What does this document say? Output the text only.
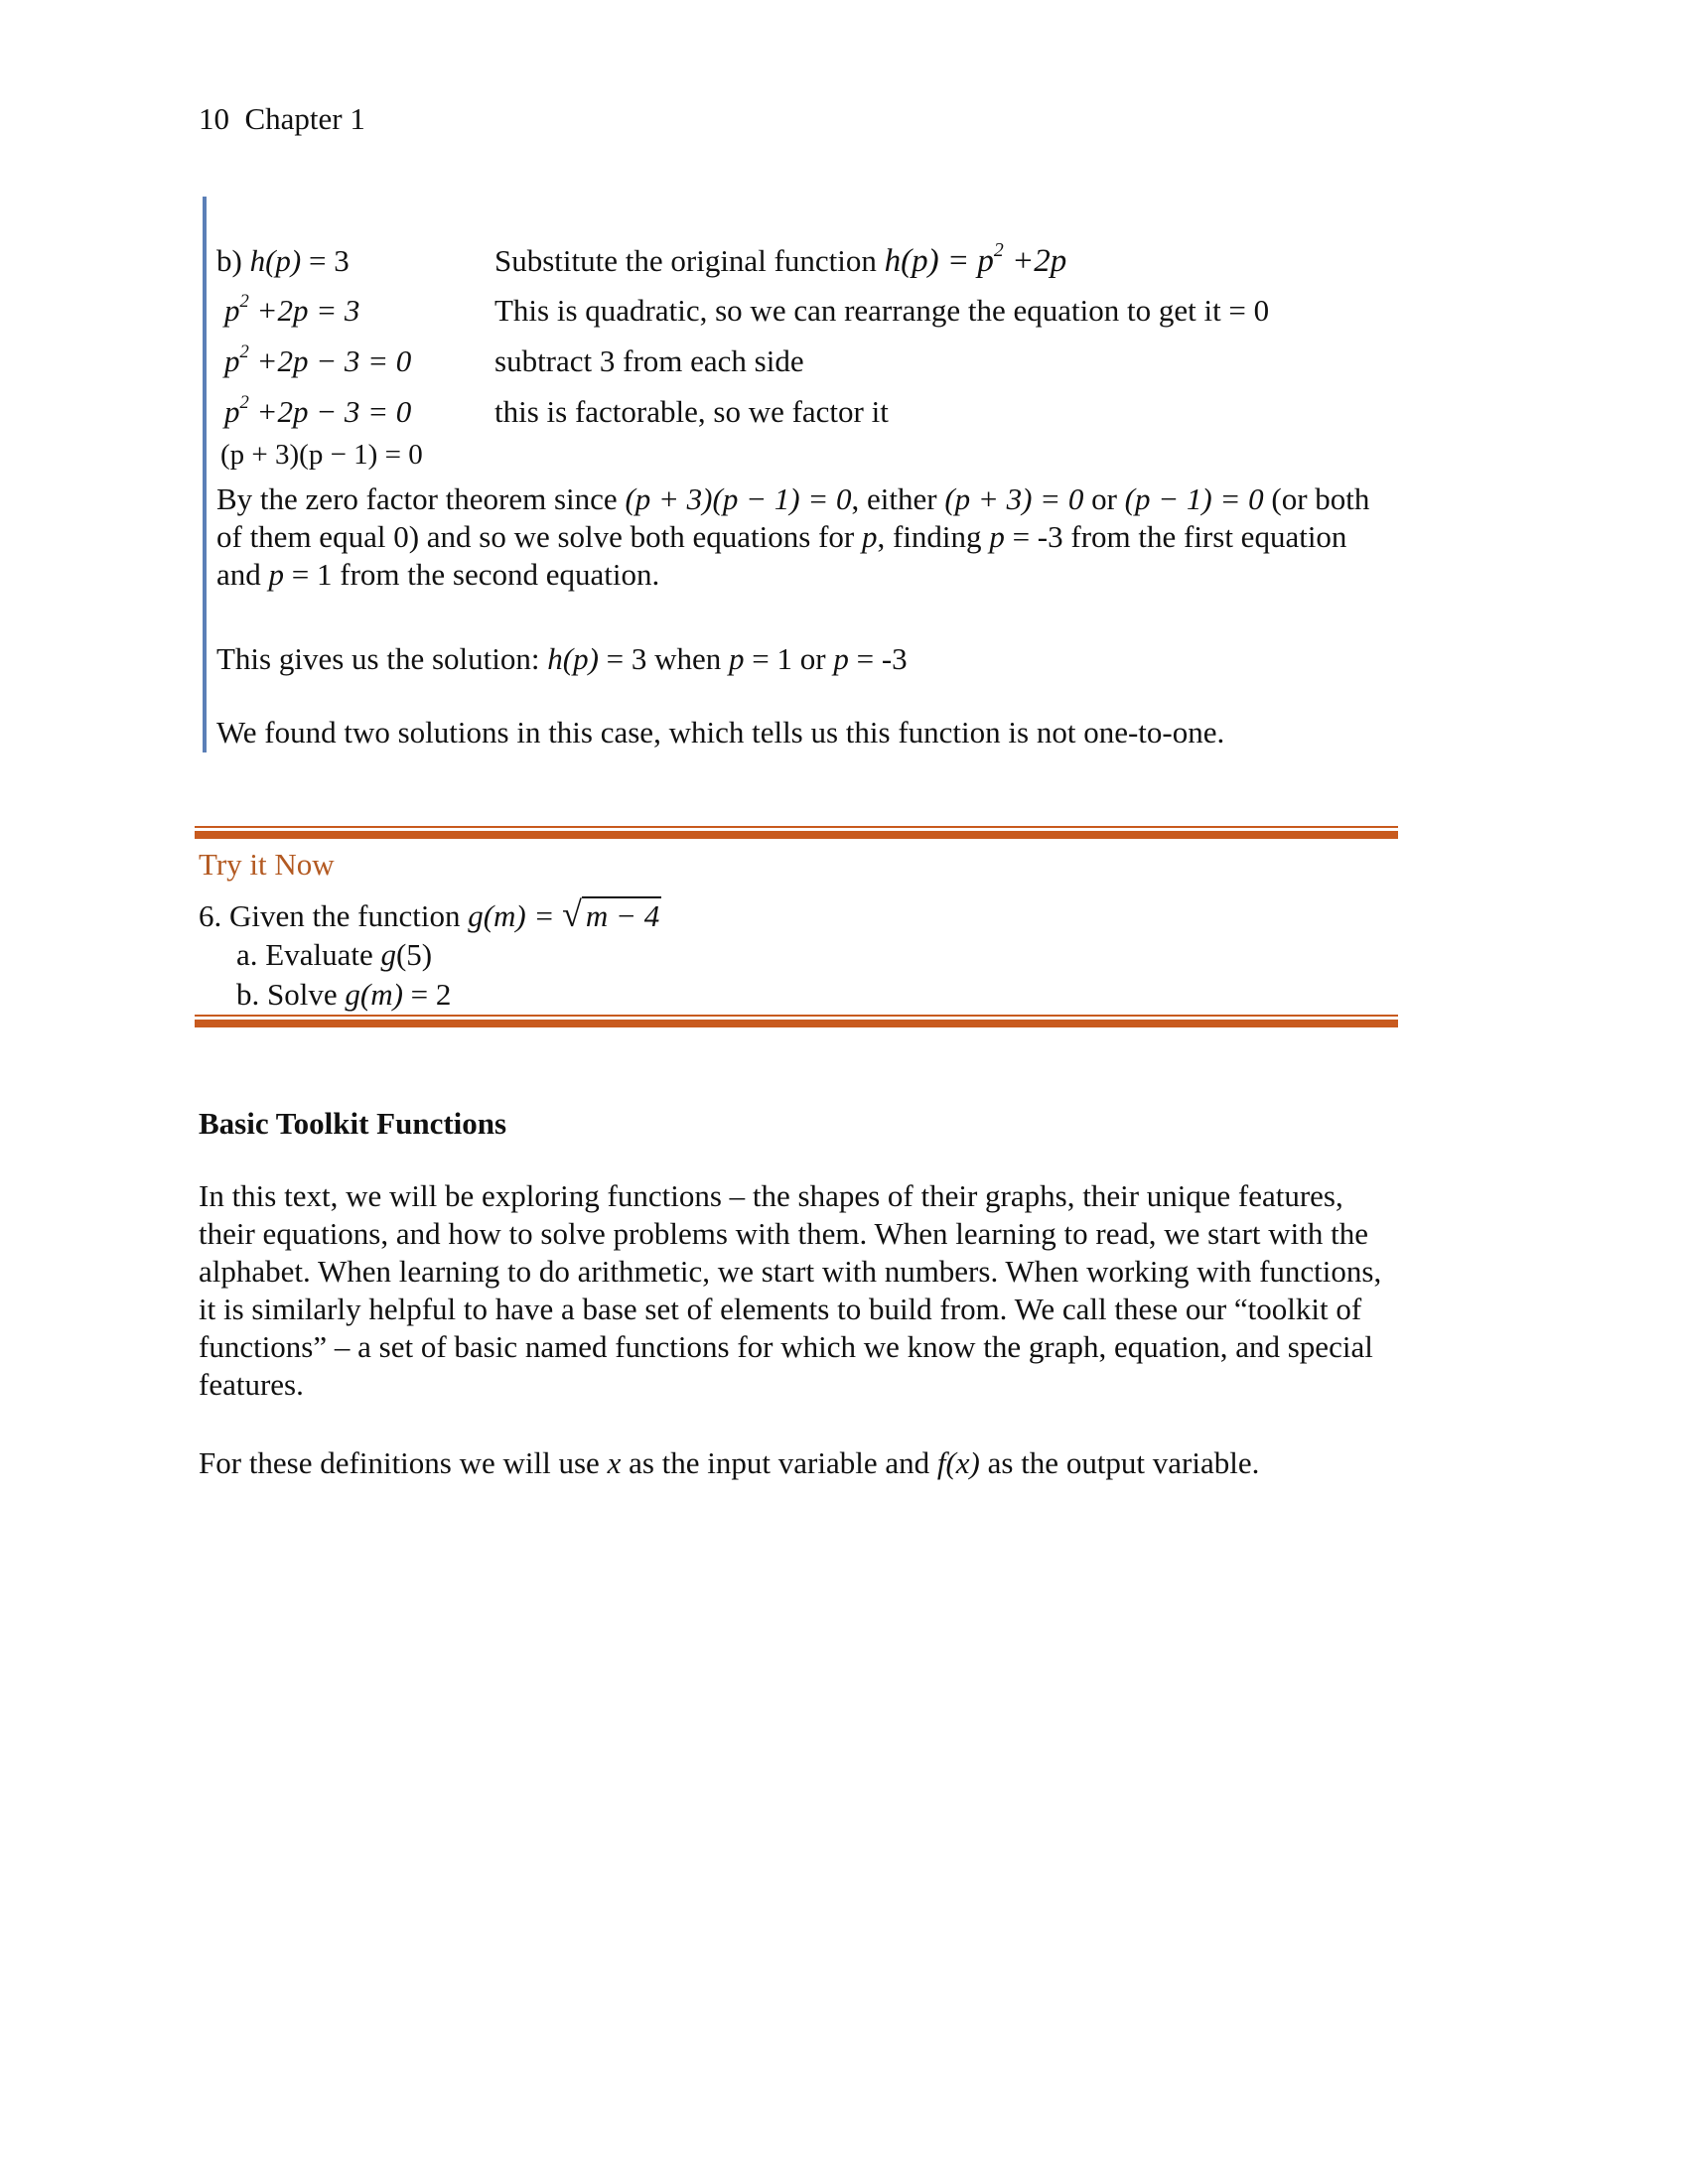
10 Chapter 1
b) h(p) = 3	Substitute the original function $h(p) = p^2 +2p$
$p^2 +2p = 3$	This is quadratic, so we can rearrange the equation to get it = 0
$p^2 +2p - 3 = 0$	subtract 3 from each side
$p^2 +2p - 3 = 0$	this is factorable, so we factor it
(p + 3)(p − 1) = 0
By the zero factor theorem since (p + 3)(p − 1) = 0, either (p + 3) = 0 or (p − 1) = 0 (or both of them equal 0) and so we solve both equations for p, finding p = -3 from the first equation and p = 1 from the second equation.
This gives us the solution: h(p) = 3 when p = 1 or p = -3
We found two solutions in this case, which tells us this function is not one-to-one.
Try it Now
6. Given the function g(m) = √ m − 4
a. Evaluate g(5)
b. Solve g(m) = 2
Basic Toolkit Functions
In this text, we will be exploring functions – the shapes of their graphs, their unique features, their equations, and how to solve problems with them. When learning to read, we start with the alphabet. When learning to do arithmetic, we start with numbers. When working with functions, it is similarly helpful to have a base set of elements to build from. We call these our “toolkit of functions” – a set of basic named functions for which we know the graph, equation, and special features.
For these definitions we will use x as the input variable and f(x) as the output variable.
